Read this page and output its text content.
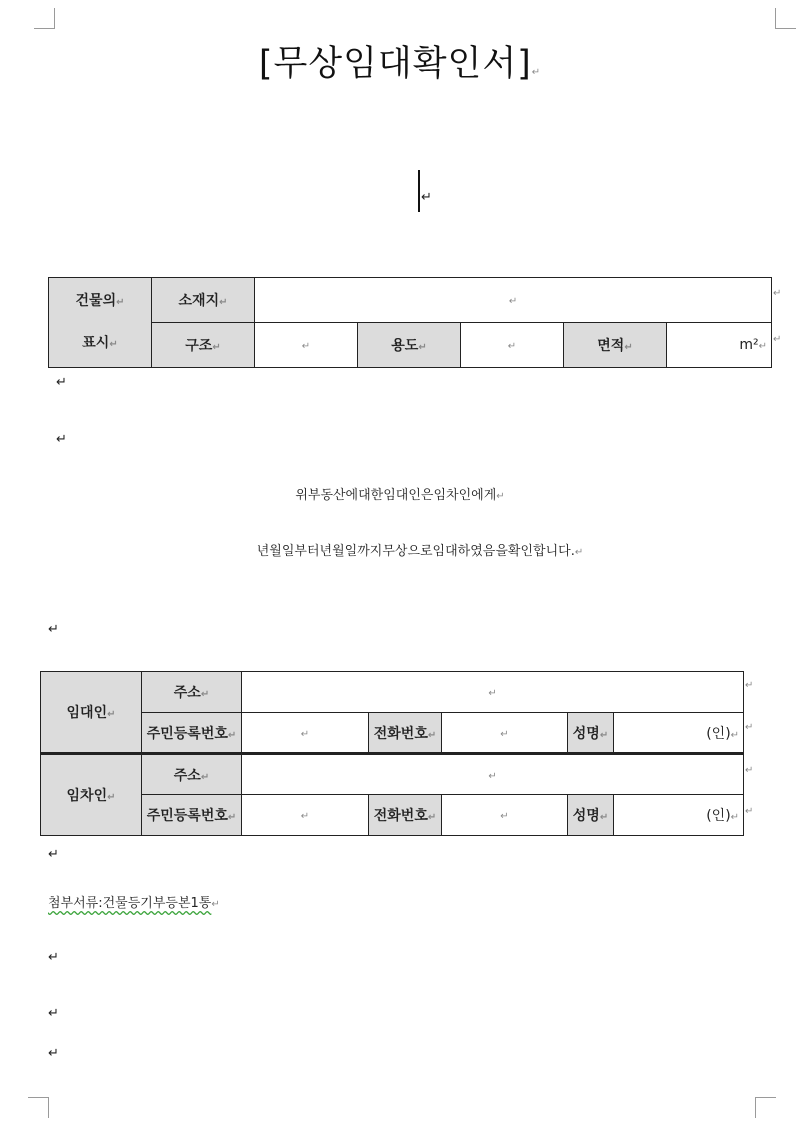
[무상임대확인서]↵
↵
건물의↵
표시↵	소재지↵	↵				
	구조↵	↵	용도↵	↵	면적↵	m²↵
↵
↵
↵
↵
위부동산에대한임대인은임차인에게↵
년월일부터년월일까지무상으로임대하였음을확인합니다.↵
↵
임대인↵	주소↵	↵				
	주민등록번호↵	↵	전화번호↵	↵	성명↵	(인)↵
임차인↵	주소↵	↵				
	주민등록번호↵	↵	전화번호↵	↵	성명↵	(인)↵
↵
↵
↵
↵
↵
첨부서류:건물등기부등본1통↵
↵
↵
↵
